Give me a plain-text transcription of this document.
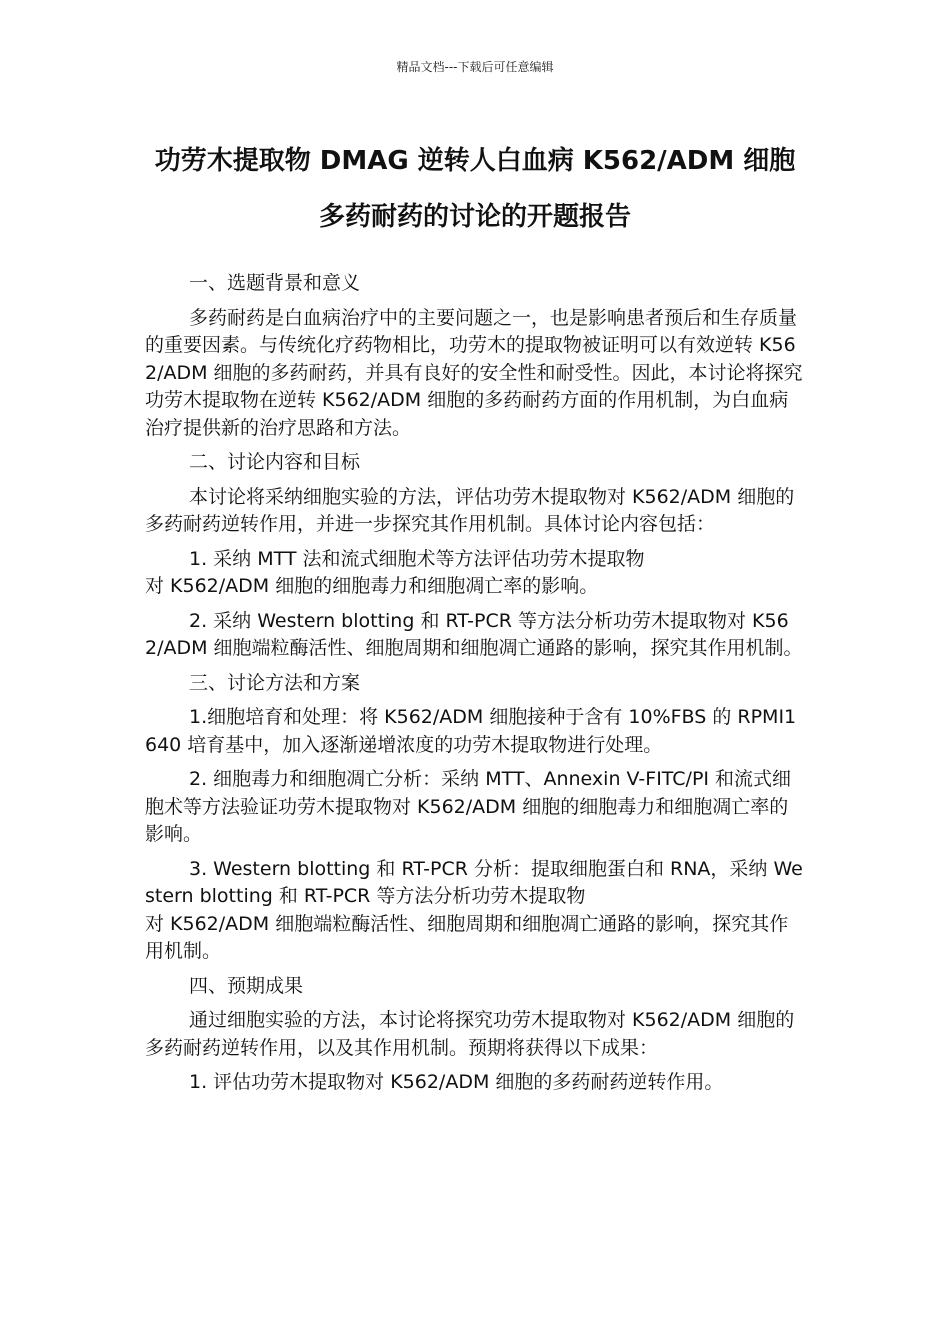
精品文档---下载后可任意编辑
功劳木提取物 DMAG 逆转人白血病 K562/ADM 细胞
多药耐药的讨论的开题报告

一、选题背景和意义

多药耐药是白血病治疗中的主要问题之一，也是影响患者预后和生存质量的重要因素。与传统化疗药物相比，功劳木的提取物被证明可以有效逆转 K562/ADM 细胞的多药耐药，并具有良好的安全性和耐受性。因此，本讨论将探究功劳木提取物在逆转 K562/ADM 细胞的多药耐药方面的作用机制，为白血病治疗提供新的治疗思路和方法。

二、讨论内容和目标

本讨论将采纳细胞实验的方法，评估功劳木提取物对 K562/ADM 细胞的多药耐药逆转作用，并进一步探究其作用机制。具体讨论内容包括：

1. 采纳 MTT 法和流式细胞术等方法评估功劳木提取物
对 K562/ADM 细胞的细胞毒力和细胞凋亡率的影响。

2. 采纳 Western blotting 和 RT-PCR 等方法分析功劳木提取物对 K562/ADM 细胞端粒酶活性、细胞周期和细胞凋亡通路的影响，探究其作用机制。

三、讨论方法和方案

1.细胞培育和处理：将 K562/ADM 细胞接种于含有 10%FBS 的 RPMI1640 培育基中，加入逐渐递增浓度的功劳木提取物进行处理。

2. 细胞毒力和细胞凋亡分析：采纳 MTT、Annexin V-FITC/PI 和流式细胞术等方法验证功劳木提取物对 K562/ADM 细胞的细胞毒力和细胞凋亡率的影响。

3. Western blotting 和 RT-PCR 分析：提取细胞蛋白和 RNA，采纳 Western blotting 和 RT-PCR 等方法分析功劳木提取物
对 K562/ADM 细胞端粒酶活性、细胞周期和细胞凋亡通路的影响，探究其作用机制。

四、预期成果

通过细胞实验的方法，本讨论将探究功劳木提取物对 K562/ADM 细胞的多药耐药逆转作用，以及其作用机制。预期将获得以下成果：

1. 评估功劳木提取物对 K562/ADM 细胞的多药耐药逆转作用。
